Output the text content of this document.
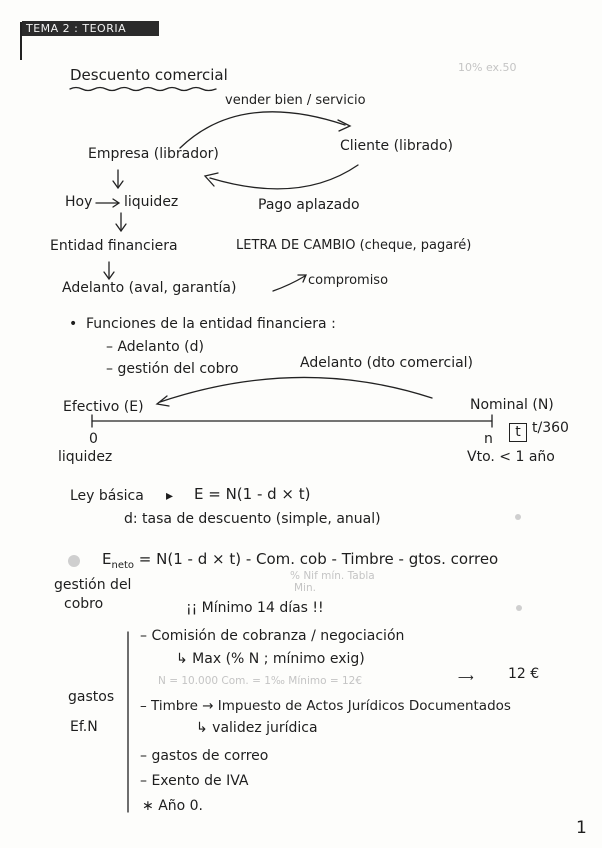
TEMA 2 : TEORIA
10% ex.50
Descuento comercial
vender bien / servicio
Empresa (librador)	Cliente (librado)
Pago aplazado
Hoy liquidez
Entidad financiera	LETRA DE CAMBIO (cheque, pagaré)
Adelanto (aval, garantía)	compromiso
• Funciones de la entidad financiera :
– Adelanto (d)
– gestión del cobro	Adelanto (dto comercial)
Efectivo (E)	Nominal (N)
0	n	t t/360
liquidez	Vto. < 1 año
Ley básica ▸ E = N(1 - d × t)
d: tasa de descuento (simple, anual)
$E_{neto} = N(1 - d \times t)$ - Com. cob - Timbre - gtos. correo
% Nif mín. Tabla
Min.
gestión del
cobro	¡¡ Mínimo 14 días !!
gastos
Ef.N
– Comisión de cobranza / negociación
↳ Max (% N ; mínimo exig)
N = 10.000 Com. = 1‰ Mínimo = 12€	⟶ 12 €
– Timbre → Impuesto de Actos Jurídicos Documentados
↳ validez jurídica
– gastos de correo
– Exento de IVA
∗ Año 0.
1
